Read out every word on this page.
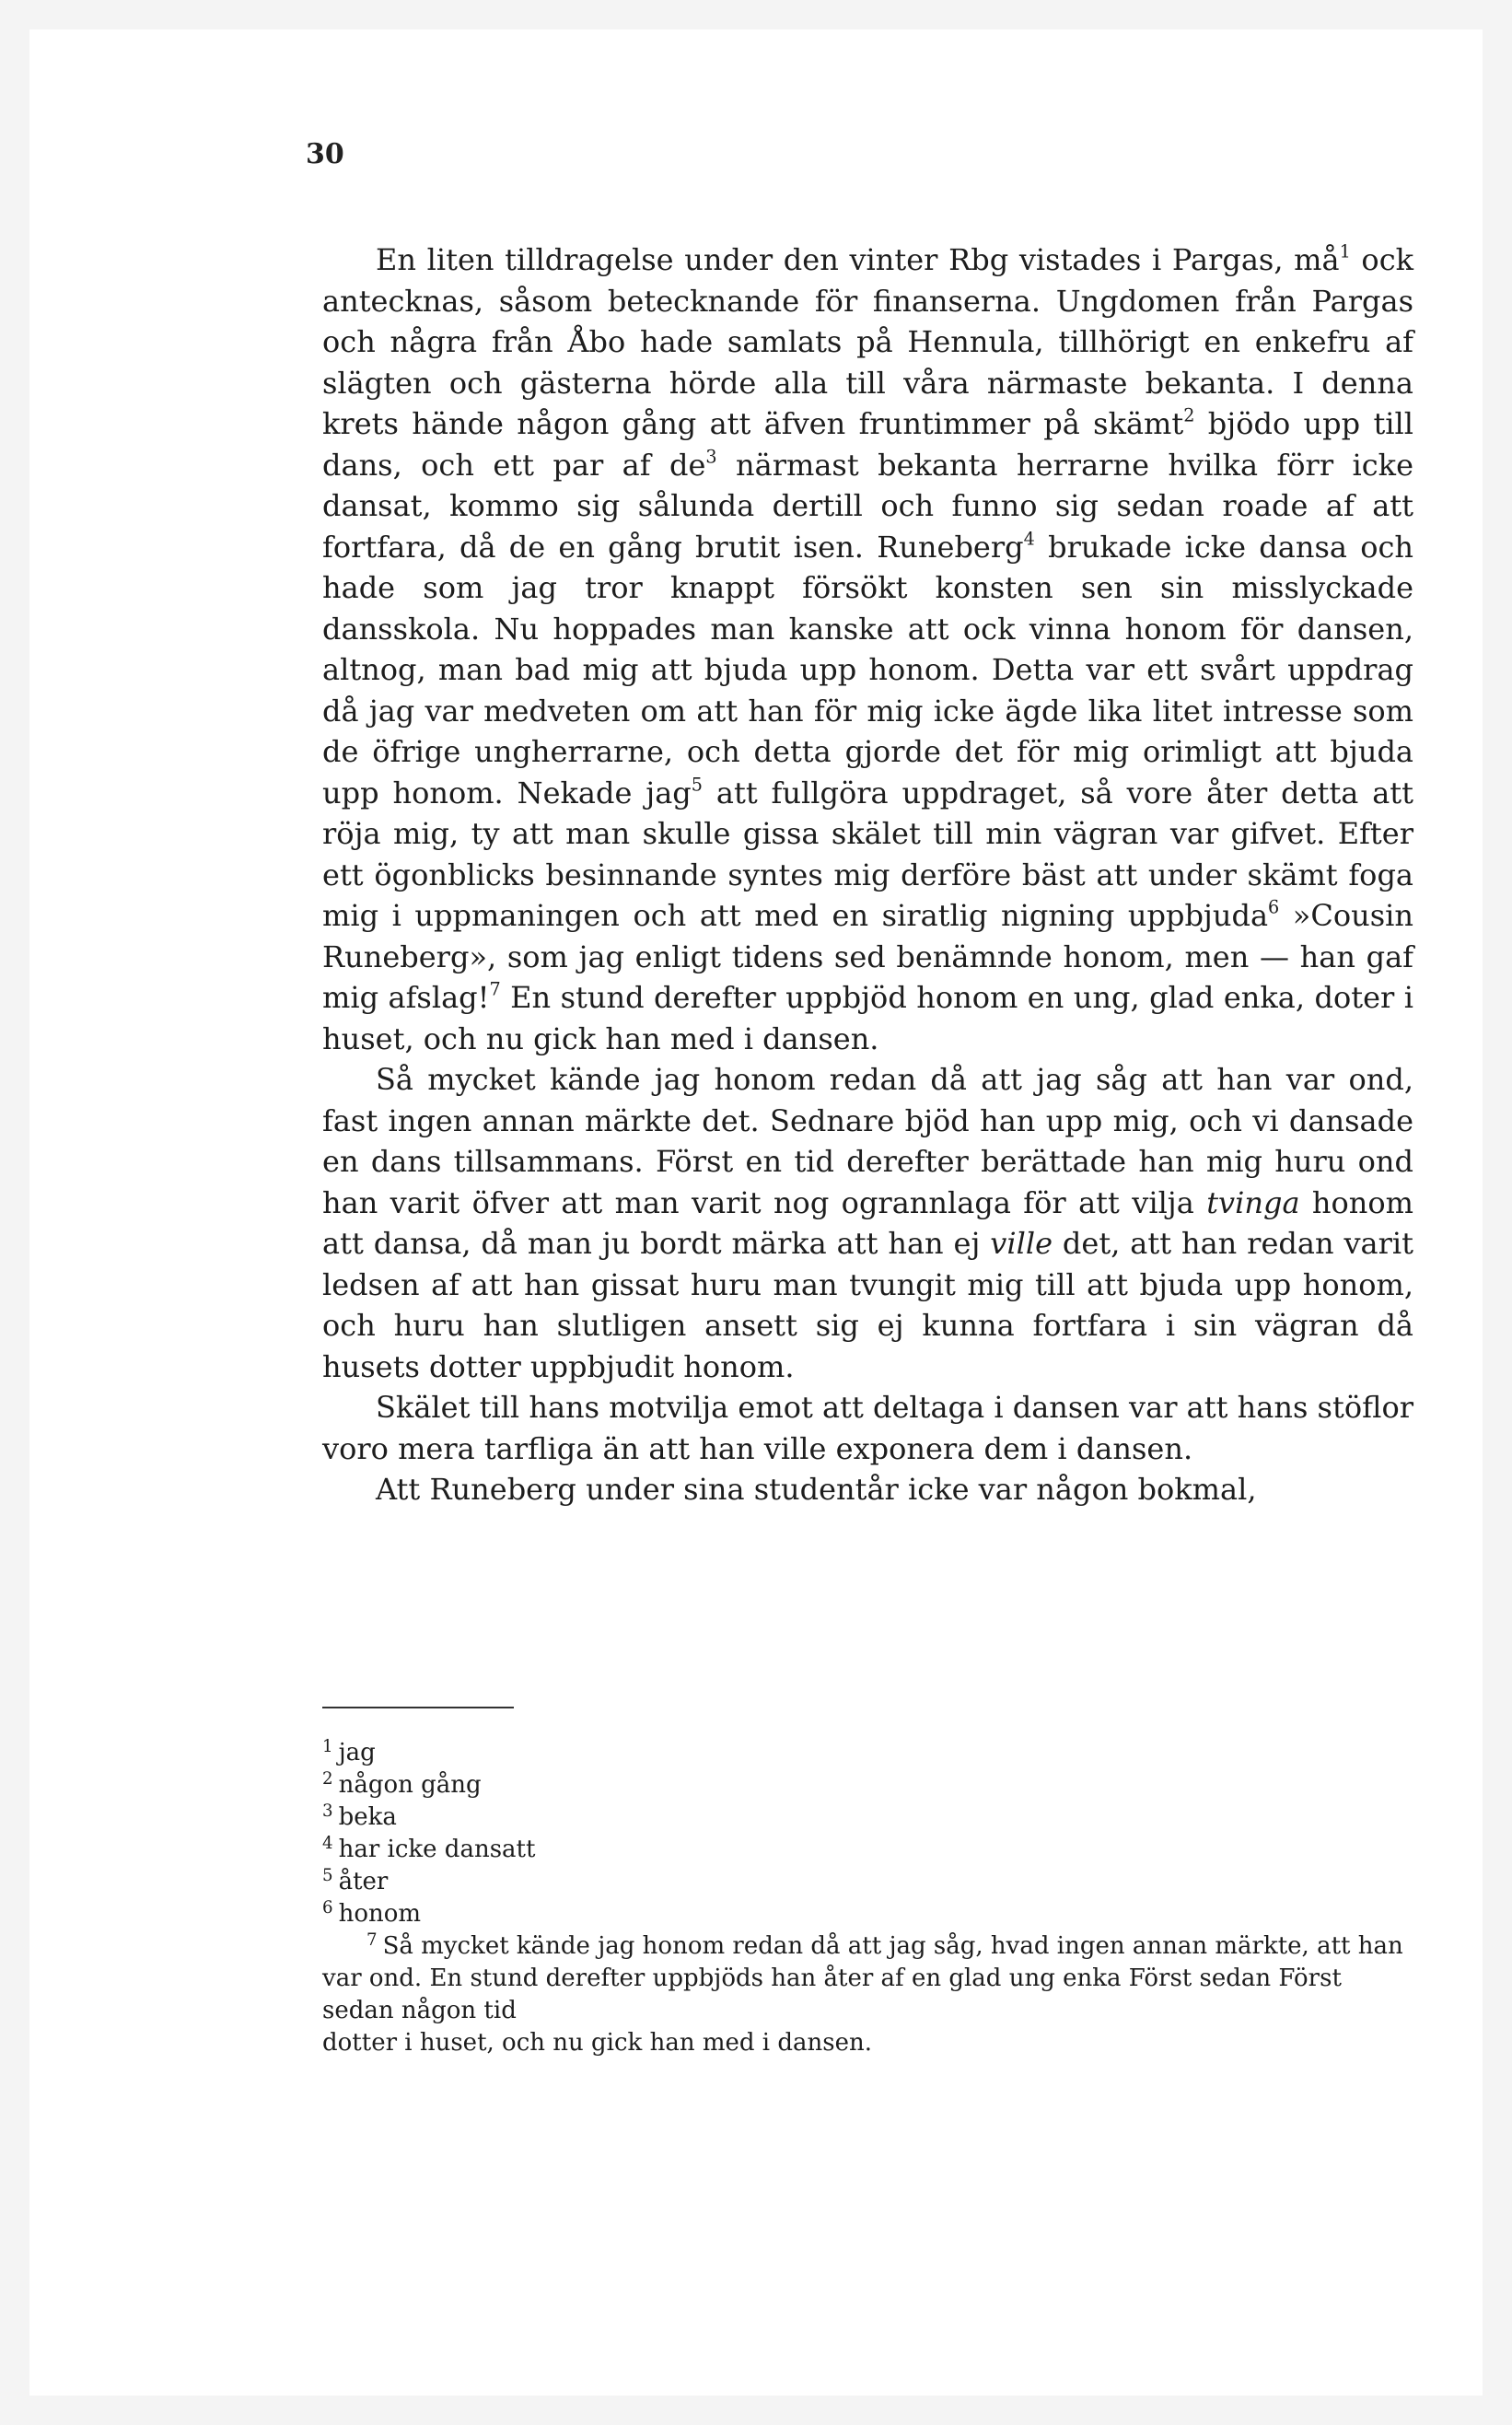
30

En liten tilldragelse under den vinter Rbg vistades i Pargas, $må^1$ ock antecknas, såsom betecknande för finanserna. Ungdomen från Pargas och några från Åbo hade samlats på Hennula, tillhörigt en enkefru af slägten och gästerna hörde alla till våra närmaste bekanta. I denna krets hände någon gång att äfven fruntimmer på skämt$^2$ bjödo upp till dans, och ett par af $de^3$ närmast bekanta herrarne hvilka förr icke dansat, kommo sig sålunda dertill och funno sig sedan roade af att fortfara, då de en gång brutit isen. Runeberg$^4$ brukade icke dansa och hade som jag tror knappt försökt konsten sen sin misslyckade dansskola. Nu hoppades man kanske att ock vinna honom för dansen, altnog, man bad mig att bjuda upp honom. Detta var ett svårt uppdrag då jag var medveten om att han för mig icke ägde lika litet intresse som de öfrige ungherrarne, och detta gjorde det för mig orimligt att bjuda upp honom. Nekade jag$^5$ att fullgöra uppdraget, så vore åter detta att röja mig, ty att man skulle gissa skälet till min vägran var gifvet. Efter ett ögonblicks besinnande syntes mig derföre bäst att under skämt foga mig i uppmaningen och att med en siratlig nigning uppbjuda$^6$ »Cousin Runeberg», som jag enligt tidens sed benämnde honom, men — han gaf mig afslag!$^7$ En stund derefter uppbjöd honom en ung, glad enka, doter i huset, och nu gick han med i dansen.

Så mycket kände jag honom redan då att jag såg att han var ond, fast ingen annan märkte det. Sednare bjöd han upp mig, och vi dansade en dans tillsammans. Först en tid derefter berättade han mig huru ond han varit öfver att man varit nog ogrannlaga för att vilja tvinga honom att dansa, då man ju bordt märka att han ej ville det, att han redan varit ledsen af att han gissat huru man tvungit mig till att bjuda upp honom, och huru han slutligen ansett sig ej kunna fortfara i sin vägran då husets dotter uppbjudit honom.

Skälet till hans motvilja emot att deltaga i dansen var att hans stöflor voro mera tarfliga än att han ville exponera dem i dansen.

Att Runeberg under sina studentår icke var någon bokmal,

$^1$ jag
$^2$ någon gång
$^3$ beka
$^4$ har icke dansatt
$^5$ åter
$^6$ honom
$^7$ Så mycket kände jag honom redan då att jag såg, hvad ingen annan märkte, att han var ond. En stund derefter uppbjöds han åter af en glad ung enka Först sedan Först sedan någon tid
dotter i huset, och nu gick han med i dansen.
